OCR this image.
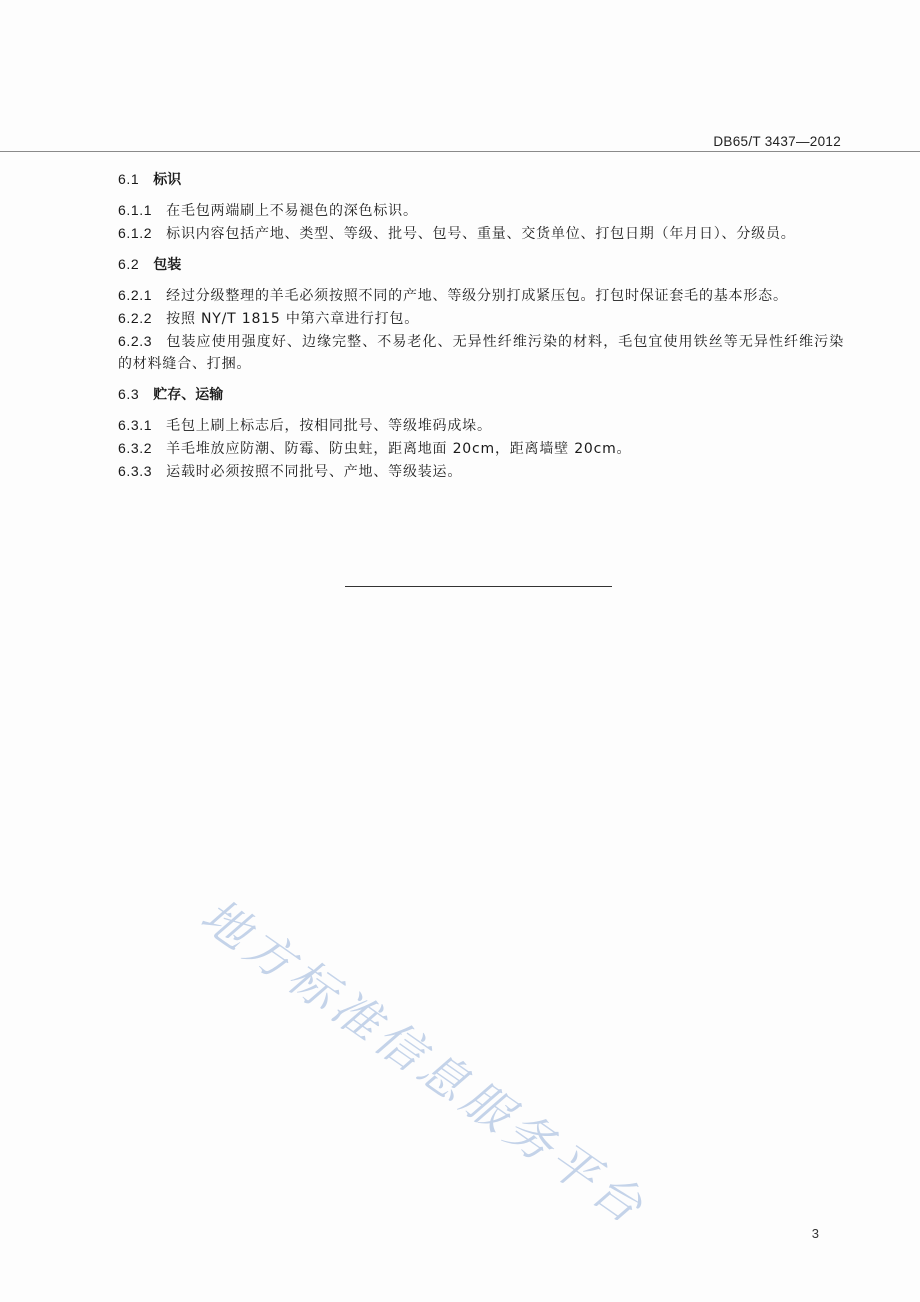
DB65/T 3437—2012
6.1 标识

6.1.1 在毛包两端刷上不易褪色的深色标识。

6.1.2 标识内容包括产地、类型、等级、批号、包号、重量、交货单位、打包日期（年月日）、分级员。

6.2 包装

6.2.1 经过分级整理的羊毛必须按照不同的产地、等级分别打成紧压包。打包时保证套毛的基本形态。

6.2.2 按照 NY/T 1815 中第六章进行打包。

6.2.3 包装应使用强度好、边缘完整、不易老化、无异性纤维污染的材料，毛包宜使用铁丝等无异性纤维污染的材料缝合、打捆。

6.3 贮存、运输

6.3.1 毛包上刷上标志后，按相同批号、等级堆码成垛。

6.3.2 羊毛堆放应防潮、防霉、防虫蛀，距离地面 20cm，距离墙壁 20cm。

6.3.3 运载时必须按照不同批号、产地、等级装运。

地方标准信息服务平台	3
